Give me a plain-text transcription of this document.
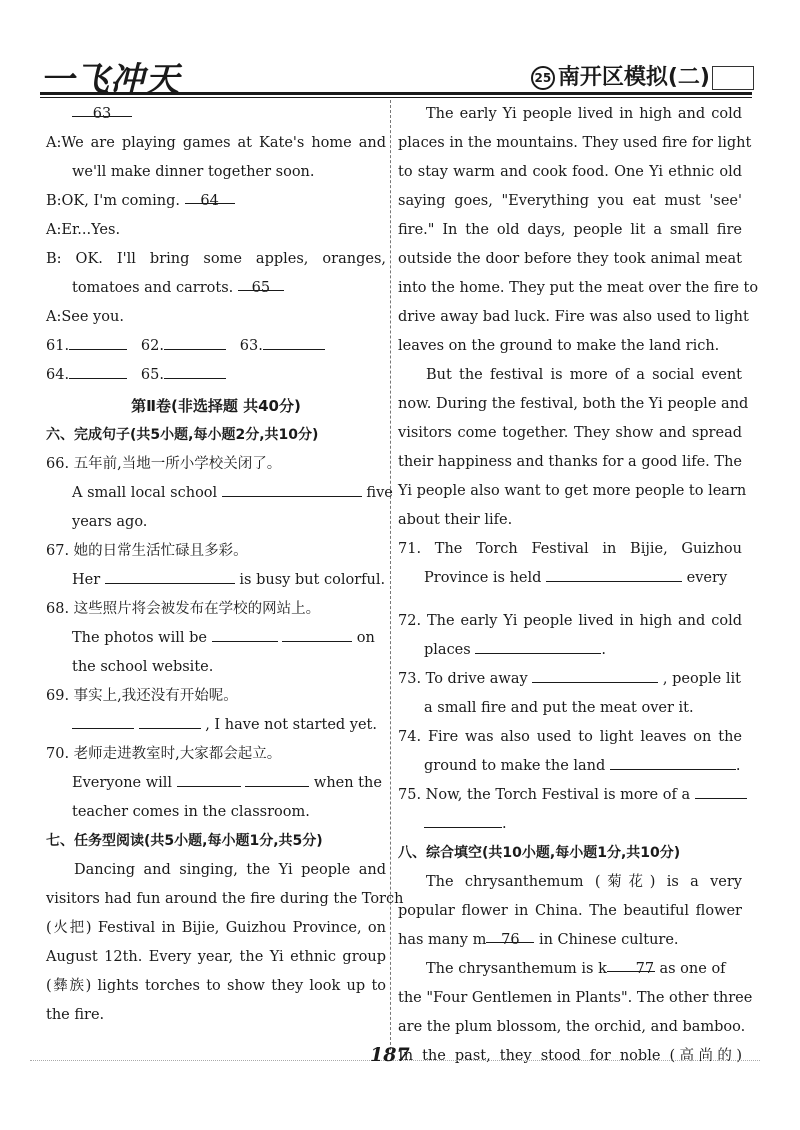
一飞冲天	25 南开区模拟(二)
63
A:We are playing games at Kate's home and
we'll make dinner together soon.
B:OK, I'm coming. 64
A:Er...Yes.
B: OK. I'll bring some apples, oranges,
tomatoes and carrots. 65
A:See you.
61.	62.	63.
64.	65.
第Ⅱ卷(非选择题 共40分)
六、完成句子(共5小题,每小题2分,共10分)
66. 五年前,当地一所小学校关闭了。
A small local school	five
years ago.
67. 她的日常生活忙碌且多彩。
Her	is busy but colorful.
68. 这些照片将会被发布在学校的网站上。
The photos will be	on
the school website.
69. 事实上,我还没有开始呢。
, I have not started yet.
70. 老师走进教室时,大家都会起立。
Everyone will	when the
teacher comes in the classroom.
七、任务型阅读(共5小题,每小题1分,共5分)
Dancing and singing, the Yi people and
visitors had fun around the fire during the Torch
(火把) Festival in Bijie, Guizhou Province, on
August 12th. Every year, the Yi ethnic group
(彝族) lights torches to show they look up to
the fire.
The early Yi people lived in high and cold
places in the mountains. They used fire for light
to stay warm and cook food. One Yi ethnic old
saying goes, "Everything you eat must 'see'
fire." In the old days, people lit a small fire
outside the door before they took animal meat
into the home. They put the meat over the fire to
drive away bad luck. Fire was also used to light
leaves on the ground to make the land rich.
But the festival is more of a social event
now. During the festival, both the Yi people and
visitors come together. They show and spread
their happiness and thanks for a good life. The
Yi people also want to get more people to learn
about their life.
71. The Torch Festival in Bijie, Guizhou
Province is held	every
72. The early Yi people lived in high and cold
places	.
73. To drive away	, people lit
a small fire and put the meat over it.
74. Fire was also used to light leaves on the
ground to make the land	.
75. Now, the Torch Festival is more of a
.
八、综合填空(共10小题,每小题1分,共10分)
The chrysanthemum (菊花) is a very
popular flower in China. The beautiful flower
has many m 76 in Chinese culture.
The chrysanthemum is k 77 as one of
the "Four Gentlemen in Plants". The other three
are the plum blossom, the orchid, and bamboo.
In the past, they stood for noble (高尚的)
187
